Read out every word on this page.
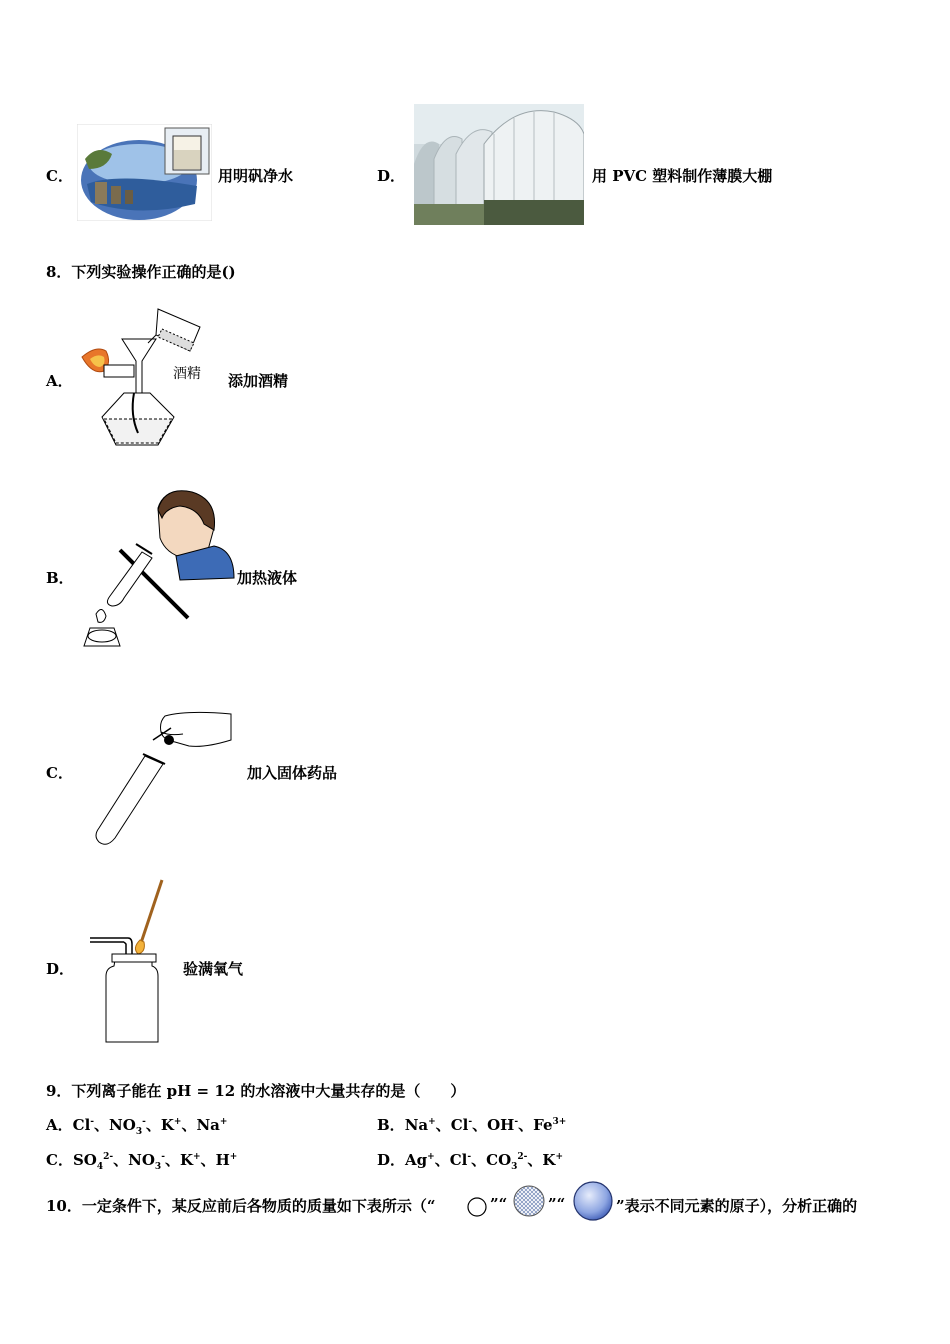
C．	用明矾净水	D．	用 PVC 塑料制作薄膜大棚
8．下列实验操作正确的是()
A．	酒精 添加酒精
B．	加热液体
C．	加入固体药品
D．	验满氧气
9．下列离子能在 pH = 12 的水溶液中大量共存的是（　　）
A．Cl-、$NO_3^-$、K+、Na+	B．Na+、Cl-、OH-、$Fe^{3+}$
C．$SO_4^{2-}$、$NO_3^-$、K+、H+	D．Ag+、Cl-、$CO_3^{2-}$、K+
10．一定条件下，某反应前后各物质的质量如下表所示（“	”“	”“	”表示不同元素的原子），分析正确的
